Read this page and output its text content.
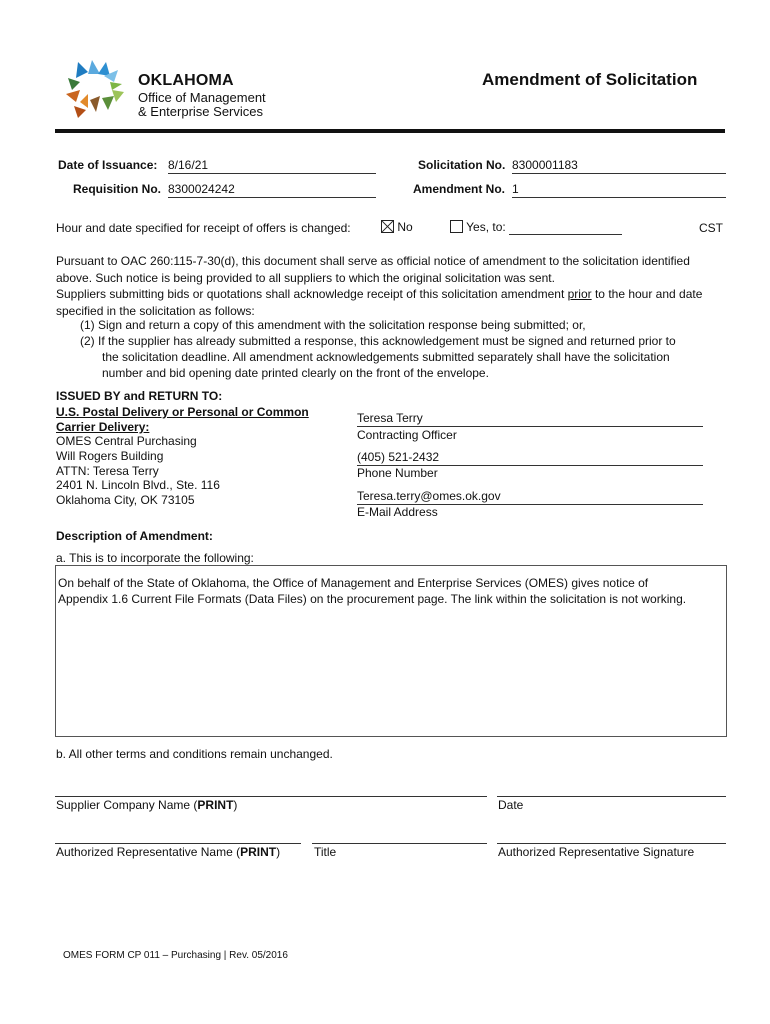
OKLAHOMA
Office of Management
& Enterprise Services
Amendment of Solicitation
Date of Issuance: 8/16/21	Solicitation No. 8300001183
Requisition No. 8300024242	Amendment No. 1
Hour and date specified for receipt of offers is changed:	No	Yes, to:	CST
Pursuant to OAC 260:115-7-30(d), this document shall serve as official notice of amendment to the solicitation identified above. Such notice is being provided to all suppliers to which the original solicitation was sent.
Suppliers submitting bids or quotations shall acknowledge receipt of this solicitation amendment prior to the hour and date specified in the solicitation as follows:
(1) Sign and return a copy of this amendment with the solicitation response being submitted; or,
(2) If the supplier has already submitted a response, this acknowledgement must be signed and returned prior to
the solicitation deadline. All amendment acknowledgements submitted separately shall have the solicitation
number and bid opening date printed clearly on the front of the envelope.
ISSUED BY and RETURN TO:
U.S. Postal Delivery or Personal or Common
Carrier Delivery:
OMES Central Purchasing
Will Rogers Building
ATTN: Teresa Terry
2401 N. Lincoln Blvd., Ste. 116
Oklahoma City, OK 73105
Teresa Terry
Contracting Officer
(405) 521-2432
Phone Number
Teresa.terry@omes.ok.gov
E-Mail Address
Description of Amendment:
a. This is to incorporate the following:
On behalf of the State of Oklahoma, the Office of Management and Enterprise Services (OMES) gives notice of
Appendix 1.6 Current File Formats (Data Files) on the procurement page. The link within the solicitation is not working.
b. All other terms and conditions remain unchanged.
Supplier Company Name (PRINT)	Date
Authorized Representative Name (PRINT)	Title	Authorized Representative Signature
OMES FORM CP 011 – Purchasing | Rev. 05/2016
